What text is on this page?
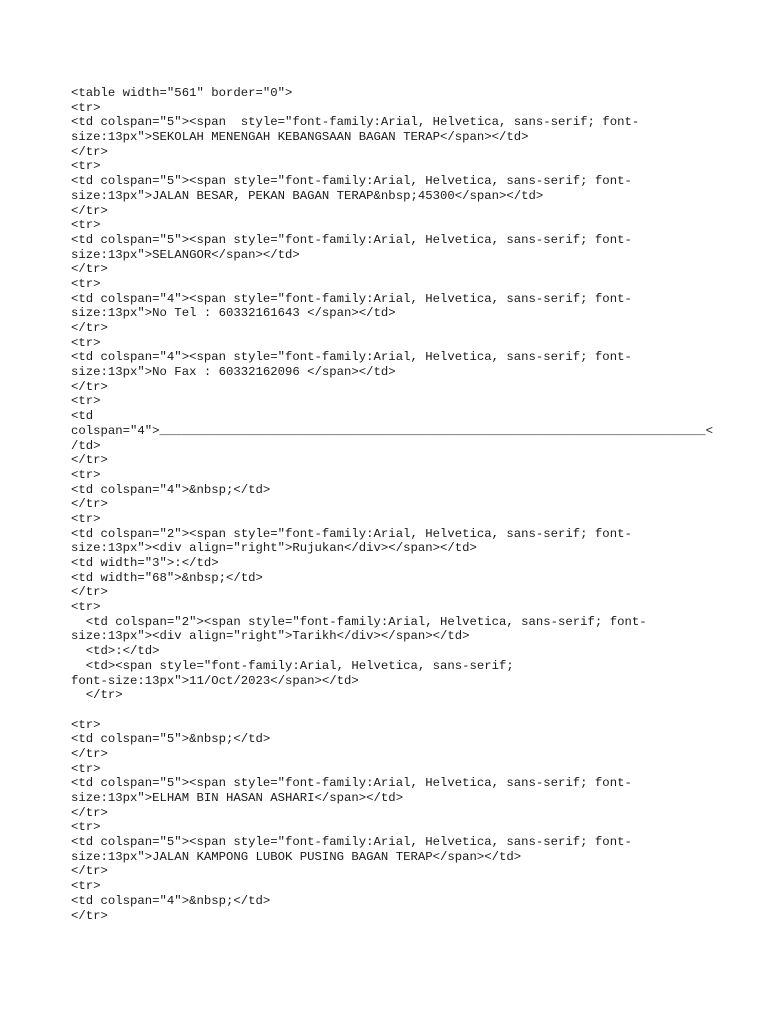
<table width="561" border="0">
<tr>
<td colspan="5"><span  style="font-family:Arial, Helvetica, sans-serif; font-
size:13px">SEKOLAH MENENGAH KEBANGSAAN BAGAN TERAP</span></td>
</tr>
<tr>
<td colspan="5"><span style="font-family:Arial, Helvetica, sans-serif; font-
size:13px">JALAN BESAR, PEKAN BAGAN TERAP&nbsp;45300</span></td>
</tr>
<tr>
<td colspan="5"><span style="font-family:Arial, Helvetica, sans-serif; font-
size:13px">SELANGOR</span></td>
</tr>
<tr>
<td colspan="4"><span style="font-family:Arial, Helvetica, sans-serif; font-
size:13px">No Tel : 60332161643 </span></td>
</tr>
<tr>
<td colspan="4"><span style="font-family:Arial, Helvetica, sans-serif; font-
size:13px">No Fax : 60332162096 </span></td>
</tr>
<tr>
<td
colspan="4">__________________________________________________________________________<
/td>
</tr>
<tr>
<td colspan="4">&nbsp;</td>
</tr>
<tr>
<td colspan="2"><span style="font-family:Arial, Helvetica, sans-serif; font-
size:13px"><div align="right">Rujukan</div></span></td>
<td width="3">:</td>
<td width="68">&nbsp;</td>
</tr>
<tr>
<td colspan="2"><span style="font-family:Arial, Helvetica, sans-serif; font-
size:13px"><div align="right">Tarikh</div></span></td>
<td>:</td>
<td><span style="font-family:Arial, Helvetica, sans-serif;
font-size:13px">11/Oct/2023</span></td>
</tr>
<tr>
<td colspan="5">&nbsp;</td>
</tr>
<tr>
<td colspan="5"><span style="font-family:Arial, Helvetica, sans-serif; font-
size:13px">ELHAM BIN HASAN ASHARI</span></td>
</tr>
<tr>
<td colspan="5"><span style="font-family:Arial, Helvetica, sans-serif; font-
size:13px">JALAN KAMPONG LUBOK PUSING BAGAN TERAP</span></td>
</tr>
<tr>
<td colspan="4">&nbsp;</td>
</tr>
